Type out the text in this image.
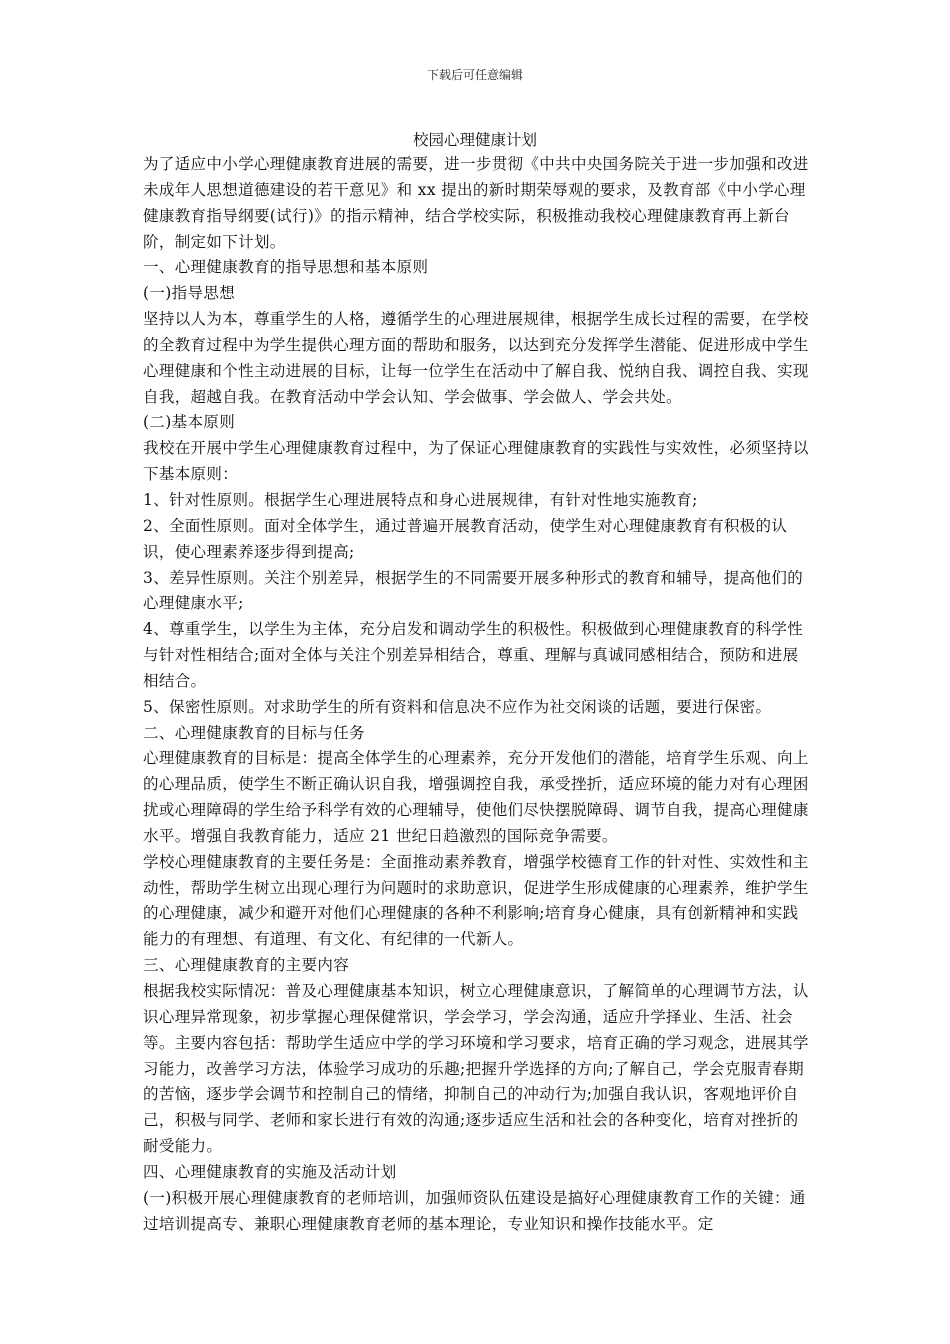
下载后可任意编辑
校园心理健康计划

为了适应中小学心理健康教育进展的需要，进一步贯彻《中共中央国务院关于进一步加强和改进未成年人思想道德建设的若干意见》和 xx 提出的新时期荣辱观的要求，及教育部《中小学心理健康教育指导纲要(试行)》的指示精神，结合学校实际，积极推动我校心理健康教育再上新台阶，制定如下计划。

一、心理健康教育的指导思想和基本原则

(一)指导思想

坚持以人为本，尊重学生的人格，遵循学生的心理进展规律，根据学生成长过程的需要，在学校的全教育过程中为学生提供心理方面的帮助和服务，以达到充分发挥学生潜能、促进形成中学生心理健康和个性主动进展的目标，让每一位学生在活动中了解自我、悦纳自我、调控自我、实现自我，超越自我。在教育活动中学会认知、学会做事、学会做人、学会共处。

(二)基本原则

我校在开展中学生心理健康教育过程中，为了保证心理健康教育的实践性与实效性，必须坚持以下基本原则：

1、针对性原则。根据学生心理进展特点和身心进展规律，有针对性地实施教育;

2、全面性原则。面对全体学生，通过普遍开展教育活动，使学生对心理健康教育有积极的认识，使心理素养逐步得到提高;

3、差异性原则。关注个别差异，根据学生的不同需要开展多种形式的教育和辅导，提高他们的心理健康水平;

4、尊重学生，以学生为主体，充分启发和调动学生的积极性。积极做到心理健康教育的科学性与针对性相结合;面对全体与关注个别差异相结合，尊重、理解与真诚同感相结合，预防和进展相结合。

5、保密性原则。对求助学生的所有资料和信息决不应作为社交闲谈的话题，要进行保密。

二、心理健康教育的目标与任务

心理健康教育的目标是：提高全体学生的心理素养，充分开发他们的潜能，培育学生乐观、向上的心理品质，使学生不断正确认识自我，增强调控自我，承受挫折，适应环境的能力对有心理困扰或心理障碍的学生给予科学有效的心理辅导，使他们尽快摆脱障碍、调节自我，提高心理健康水平。增强自我教育能力，适应 21 世纪日趋激烈的国际竞争需要。

学校心理健康教育的主要任务是：全面推动素养教育，增强学校德育工作的针对性、实效性和主动性，帮助学生树立出现心理行为问题时的求助意识，促进学生形成健康的心理素养，维护学生的心理健康，减少和避开对他们心理健康的各种不利影响;培育身心健康，具有创新精神和实践能力的有理想、有道理、有文化、有纪律的一代新人。

三、心理健康教育的主要内容

根据我校实际情况：普及心理健康基本知识，树立心理健康意识，了解简单的心理调节方法，认识心理异常现象，初步掌握心理保健常识，学会学习，学会沟通，适应升学择业、生活、社会等。主要内容包括：帮助学生适应中学的学习环境和学习要求，培育正确的学习观念，进展其学习能力，改善学习方法，体验学习成功的乐趣;把握升学选择的方向;了解自己，学会克服青春期的苦恼，逐步学会调节和控制自己的情绪，抑制自己的冲动行为;加强自我认识，客观地评价自己，积极与同学、老师和家长进行有效的沟通;逐步适应生活和社会的各种变化，培育对挫折的耐受能力。

四、心理健康教育的实施及活动计划

(一)积极开展心理健康教育的老师培训，加强师资队伍建设是搞好心理健康教育工作的关键：通过培训提高专、兼职心理健康教育老师的基本理论，专业知识和操作技能水平。定
